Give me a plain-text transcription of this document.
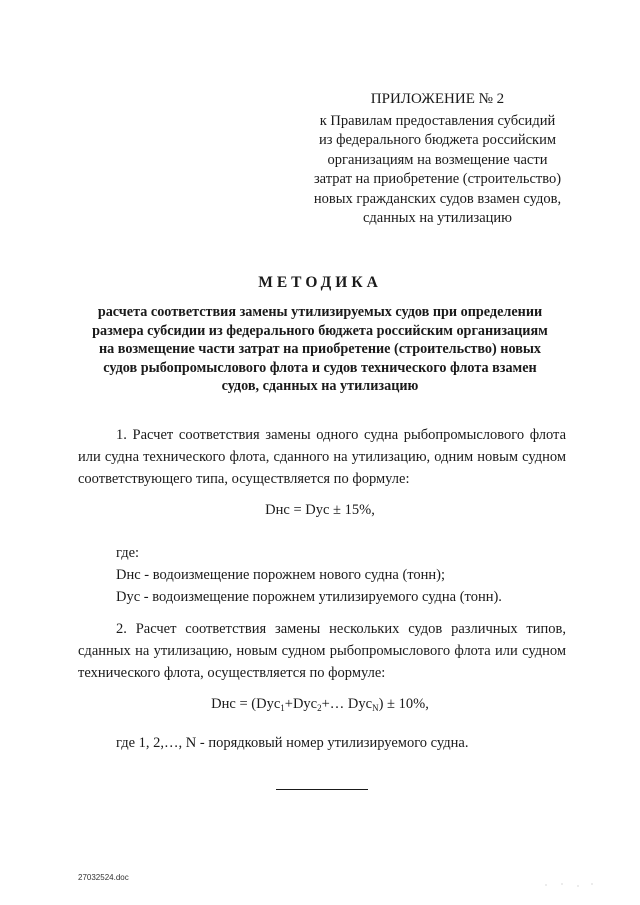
ПРИЛОЖЕНИЕ № 2
к Правилам предоставления субсидий
из федерального бюджета российским
организациям на возмещение части
затрат на приобретение (строительство)
новых гражданских судов взамен судов,
сданных на утилизацию
МЕТОДИКА
расчета соответствия замены утилизируемых судов при определении
размера субсидии из федерального бюджета российским организациям
на возмещение части затрат на приобретение (строительство) новых
судов рыбопромыслового флота и судов технического флота взамен
судов, сданных на утилизацию
1. Расчет соответствия замены одного судна рыбопромыслового флота или судна технического флота, сданного на утилизацию, одним новым судном соответствующего типа, осуществляется по формуле:
Dнс = Dус ± 15%,
где:
Dнс - водоизмещение порожнем нового судна (тонн);
Dус - водоизмещение порожнем утилизируемого судна (тонн).
2. Расчет соответствия замены нескольких судов различных типов, сданных на утилизацию, новым судном рыбопромыслового флота или судном технического флота, осуществляется по формуле:
Dнс = (Dус$_1$+Dус$_2$+… Dус$_N$) ± 10%,
где 1, 2,…, N - порядковый номер утилизируемого судна.
27032524.doc
